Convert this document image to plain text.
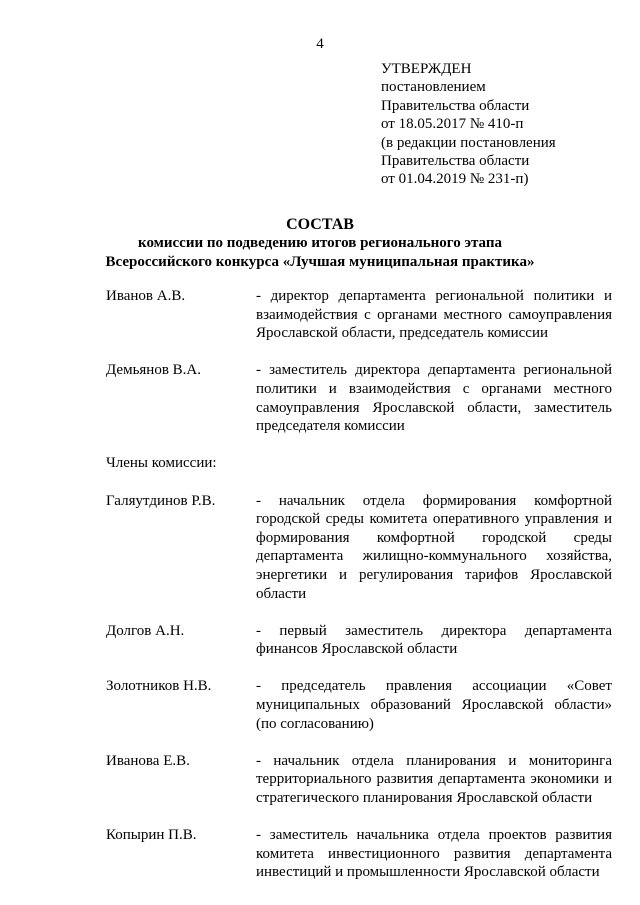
4
УТВЕРЖДЕН
постановлением
Правительства области
от 18.05.2017 № 410-п
(в редакции постановления
Правительства области
от 01.04.2019 № 231-п)
СОСТАВ
комиссии по подведению итогов регионального этапа
Всероссийского конкурса «Лучшая муниципальная практика»
Иванов А.В.	- директор департамента региональной политики и взаимодействия с органами местного самоуправления Ярославской области, председатель комиссии
Демьянов В.А.	- заместитель директора департамента региональной политики и взаимодействия с органами местного самоуправления Ярославской области, заместитель председателя комиссии
Члены комиссии:
Галяутдинов Р.В.	- начальник отдела формирования комфортной городской среды комитета оперативного управления и формирования комфортной городской среды департамента жилищно-коммунального хозяйства, энергетики и регулирования тарифов Ярославской области
Долгов А.Н.	- первый заместитель директора департамента финансов Ярославской области
Золотников Н.В.	- председатель правления ассоциации «Совет муниципальных образований Ярославской области» (по согласованию)
Иванова Е.В.	- начальник отдела планирования и мониторинга территориального развития департамента экономики и стратегического планирования Ярославской области
Копырин П.В.	- заместитель начальника отдела проектов развития комитета инвестиционного развития департамента инвестиций и промышленности Ярославской области
